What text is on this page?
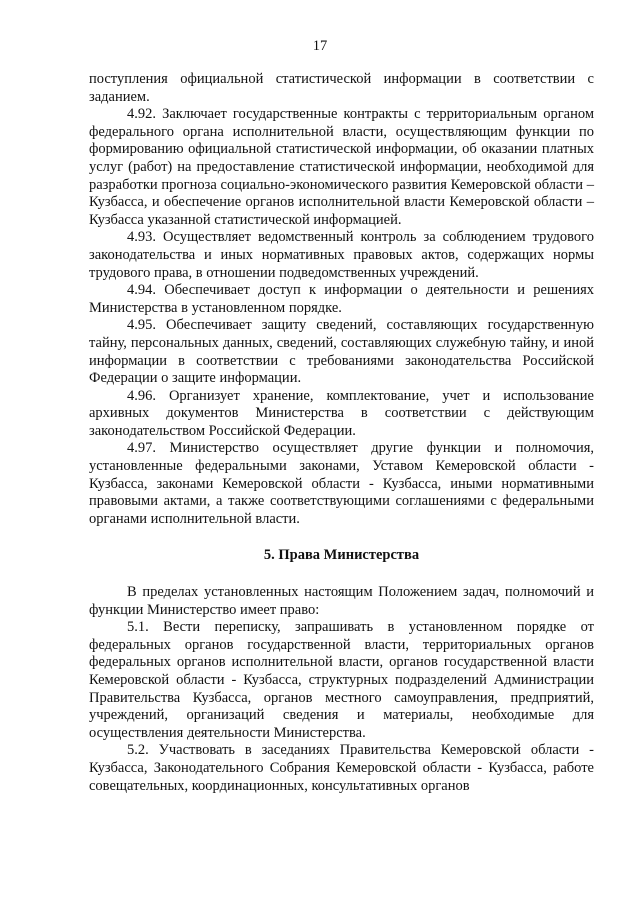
17

поступления официальной статистической информации в соответствии с заданием.

4.92. Заключает государственные контракты с территориальным органом федерального органа исполнительной власти, осуществляющим функции по формированию официальной статистической информации, об оказании платных услуг (работ) на предоставление статистической информации, необходимой для разработки прогноза социально-экономического развития Кемеровской области – Кузбасса, и обеспечение органов исполнительной власти Кемеровской области – Кузбасса указанной статистической информацией.

4.93. Осуществляет ведомственный контроль за соблюдением трудового законодательства и иных нормативных правовых актов, содержащих нормы трудового права, в отношении подведомственных учреждений.

4.94. Обеспечивает доступ к информации о деятельности и решениях Министерства в установленном порядке.

4.95. Обеспечивает защиту сведений, составляющих государственную тайну, персональных данных, сведений, составляющих служебную тайну, и иной информации в соответствии с требованиями законодательства Российской Федерации о защите информации.

4.96. Организует хранение, комплектование, учет и использование архивных документов Министерства в соответствии с действующим законодательством Российской Федерации.

4.97. Министерство осуществляет другие функции и полномочия, установленные федеральными законами, Уставом Кемеровской области - Кузбасса, законами Кемеровской области - Кузбасса, иными нормативными правовыми актами, а также соответствующими соглашениями с федеральными органами исполнительной власти.

5. Права Министерства

В пределах установленных настоящим Положением задач, полномочий и функции Министерство имеет право:

5.1. Вести переписку, запрашивать в установленном порядке от федеральных органов государственной власти, территориальных органов федеральных органов исполнительной власти, органов государственной власти Кемеровской области - Кузбасса, структурных подразделений Администрации Правительства Кузбасса, органов местного самоуправления, предприятий, учреждений, организаций сведения и материалы, необходимые для осуществления деятельности Министерства.

5.2. Участвовать в заседаниях Правительства Кемеровской области - Кузбасса, Законодательного Собрания Кемеровской области - Кузбасса, работе совещательных, координационных, консультативных органов
